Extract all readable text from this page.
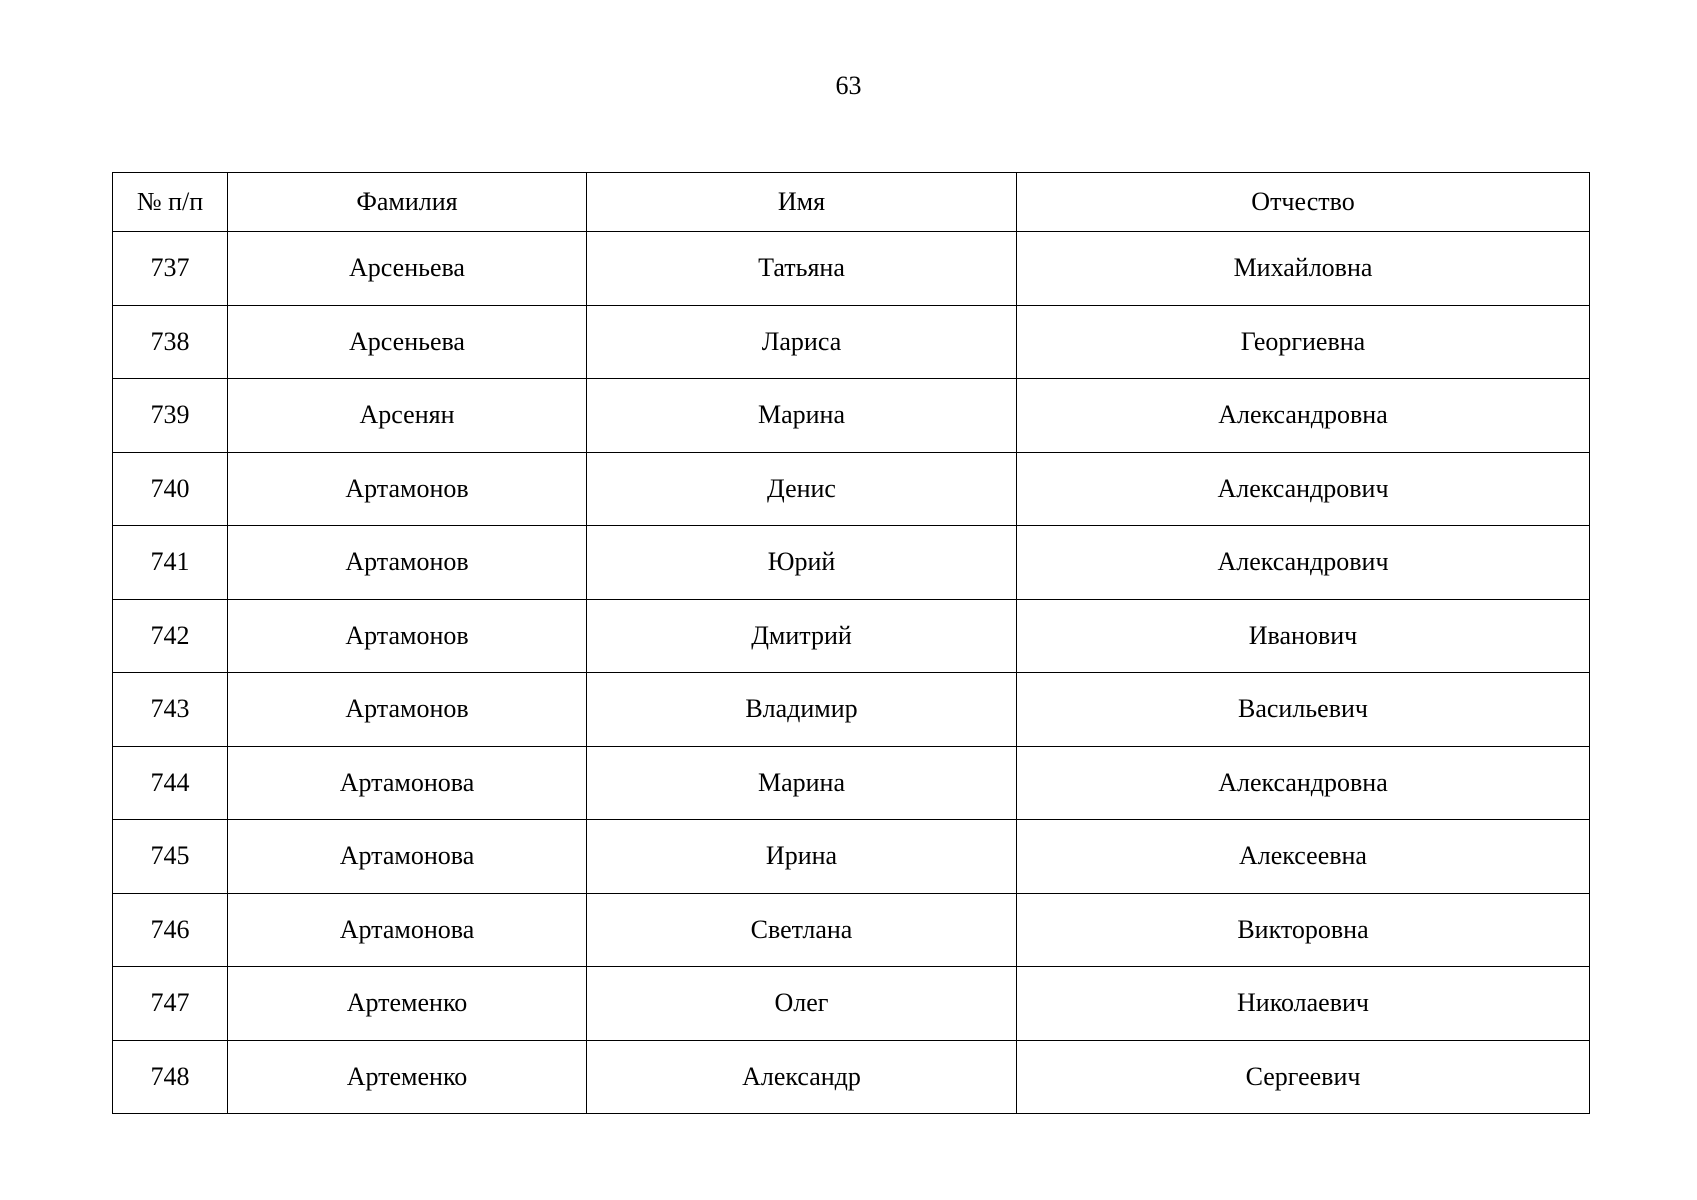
63
№ п/п	Фамилия	Имя	Отчество
737	Арсеньева	Татьяна	Михайловна
738	Арсеньева	Лариса	Георгиевна
739	Арсенян	Марина	Александровна
740	Артамонов	Денис	Александрович
741	Артамонов	Юрий	Александрович
742	Артамонов	Дмитрий	Иванович
743	Артамонов	Владимир	Васильевич
744	Артамонова	Марина	Александровна
745	Артамонова	Ирина	Алексеевна
746	Артамонова	Светлана	Викторовна
747	Артеменко	Олег	Николаевич
748	Артеменко	Александр	Сергеевич
